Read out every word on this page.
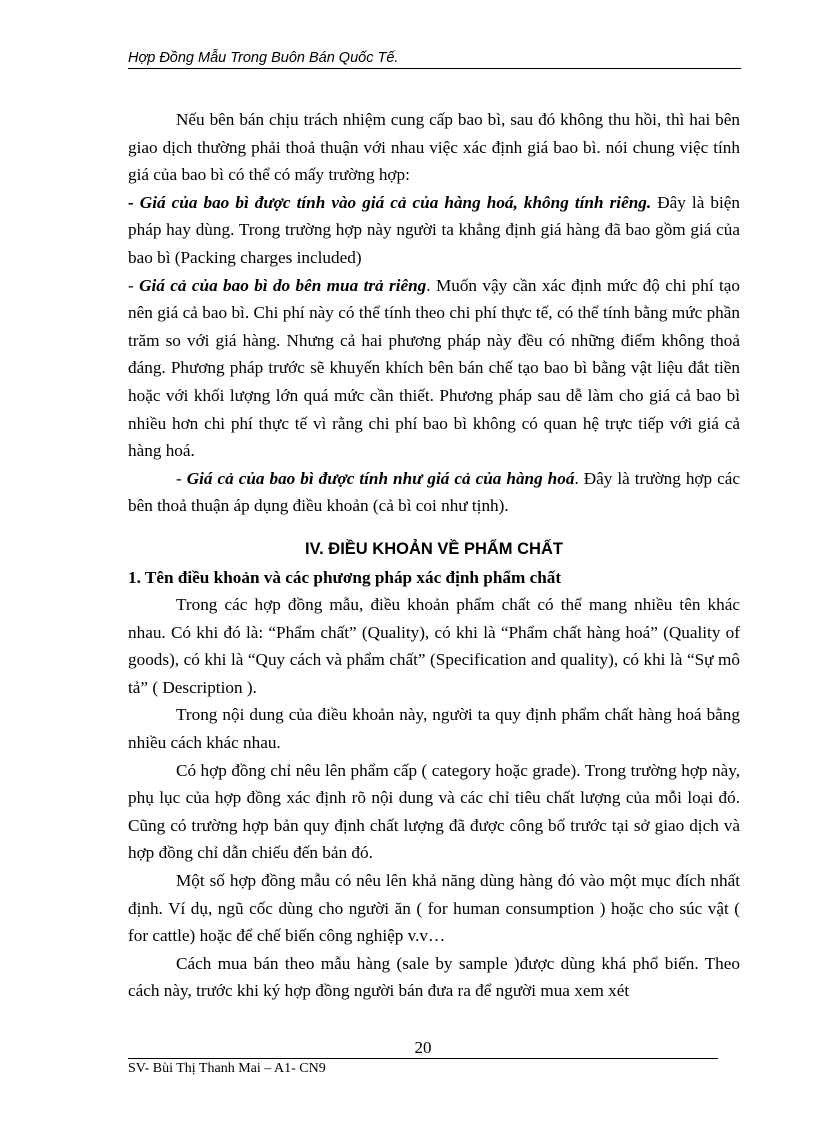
Hợp Đồng Mẫu Trong Buôn Bán Quốc Tế.

Nếu bên bán chịu trách nhiệm cung cấp bao bì, sau đó không thu hồi, thì hai bên giao dịch thường phải thoả thuận với nhau việc xác định giá bao bì. nói chung việc tính giá của bao bì có thể có mấy trường hợp:

- Giá của bao bì được tính vào giá cả của hàng hoá, không tính riêng. Đây là biện pháp hay dùng. Trong trường hợp này người ta khẳng định giá hàng đã bao gồm giá của bao bì (Packing charges included)

- Giá cả của bao bì do bên mua trả riêng. Muốn vậy cần xác định mức độ chi phí tạo nên giá cả bao bì. Chi phí này có thể tính theo chi phí thực tế, có thể tính bằng mức phần trăm so với giá hàng. Nhưng cả hai phương pháp này đều có những điểm không thoả đáng. Phương pháp trước sẽ khuyến khích bên bán chế tạo bao bì bằng vật liệu đắt tiền hoặc với khối lượng lớn quá mức cần thiết. Phương pháp sau dễ làm cho giá cả bao bì nhiều hơn chi phí thực tế vì rằng chi phí bao bì không có quan hệ trực tiếp với giá cả hàng hoá.

- Giá cả của bao bì được tính như giá cả của hàng hoá. Đây là trường hợp các bên thoả thuận áp dụng điều khoản (cả bì coi như tịnh).

IV. ĐIỀU KHOẢN VỀ PHẨM CHẤT

1. Tên điều khoản và các phương pháp xác định phẩm chất

Trong các hợp đồng mẫu, điều khoản phẩm chất có thể mang nhiều tên khác nhau. Có khi đó là: “Phẩm chất” (Quality), có khi là “Phẩm chất hàng hoá” (Quality of goods), có khi là “Quy cách và phẩm chất” (Specification and quality), có khi là “Sự mô tả” ( Description ).

Trong nội dung của điều khoản này, người ta quy định phẩm chất hàng hoá bằng nhiều cách khác nhau.

Có hợp đồng chỉ nêu lên phẩm cấp ( category hoặc grade). Trong trường hợp này, phụ lục của hợp đồng xác định rõ nội dung và các chỉ tiêu chất lượng của mỗi loại đó. Cũng có trường hợp bản quy định chất lượng đã được công bố trước tại sở giao dịch và hợp đồng chỉ dẫn chiếu đến bản đó.

Một số hợp đồng mẫu có nêu lên khả năng dùng hàng đó vào một mục đích nhất định. Ví dụ, ngũ cốc dùng cho người ăn ( for human consumption ) hoặc cho súc vật ( for cattle) hoặc để chế biến công nghiệp v.v…

Cách mua bán theo mẫu hàng (sale by sample )được dùng khá phổ biến. Theo cách này, trước khi ký hợp đồng người bán đưa ra để người mua xem xét

20
SV- Bùi Thị Thanh Mai – A1- CN9
